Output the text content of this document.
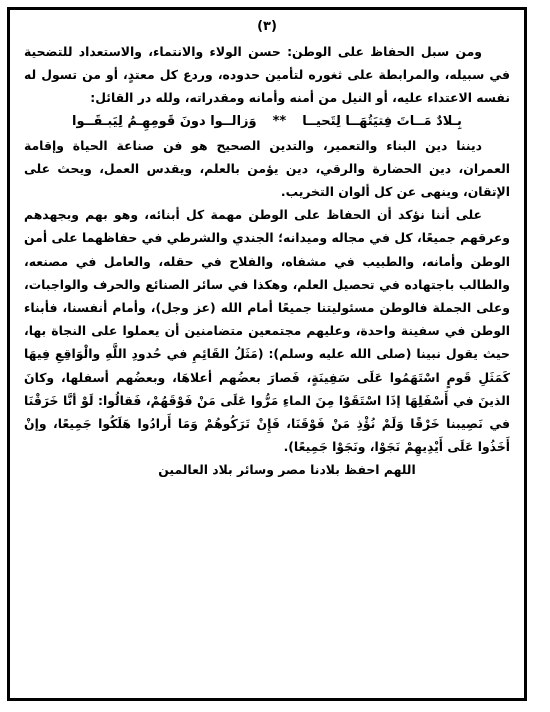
(٣)

ومن سبل الحفاظ على الوطن: حسن الولاء والانتماء، والاستعداد للتضحية في سبيله، والمرابطة على ثغوره لتأمين حدوده، وردع كل معتدٍ، أو من تسول له نفسه الاعتداء عليه، أو النيل من أمنه وأمانه ومقدراته، ولله در القائل:

بِـلادٌ مَــاتَ فِتيَتُهَــا لِتَحيــا
**
وَزالــوا دونَ قَومِهِـمُ لِيَبـقَــوا

ديننا دين البناء والتعمير، والتدين الصحيح هو فن صناعة الحياة وإقامة العمران، دين الحضارة والرقي، دين يؤمن بالعلم، ويقدس العمل، ويحث على الإتقان، وينهى عن كل ألوان التخريب.

على أننا نؤكد أن الحفاظ على الوطن مهمة كل أبنائه، وهو بهم وبجهدهم وعرقهم جميعًا، كل في مجاله وميدانه؛ الجندي والشرطي في حفاظهما على أمن الوطن وأمانه، والطبيب في مشفاه، والفلاح في حقله، والعامل في مصنعه، والطالب باجتهاده في تحصيل العلم، وهكذا في سائر الصنائع والحرف والواجبات، وعلى الجملة فالوطن مسئوليتنا جميعًا أمام الله (عز وجل)، وأمام أنفسنا، فأبناء الوطن في سفينة واحدة، وعليهم مجتمعين متضامنين أن يعملوا على النجاة بها، حيث يقول نبينا (صلى الله عليه وسلم): (مَثَلُ القَائِمِ في حُدودِ اللَّهِ والْوَاقِعِ فِيهَا كَمَثَلِ قَومٍ اسْتَهَمُوا عَلَى سَفِينَةٍ، فَصارَ بعضُهم أعلاهَا، وبعضُهم أسفلها، وكانَ الذينَ في أَسْفَلِهَا إذَا اسْتَقَوْا مِنَ الماءِ مَرُّوا عَلَى مَنْ فَوْقَهُمْ، فَقالُوا: لَوْ أنَّا خَرَقْنَا في نَصِيبنا خَرْقًا وَلَمْ نُؤْذِ مَنْ فَوْقَنَا، فَإِنْ تَرَكُوهُمْ وَمَا أَرادُوا هَلَكُوا جَمِيعًا، وإنْ أَخَذُوا عَلَى أَيْدِيهِمْ نَجَوْا، ونَجَوْا جَمِيعًا).

اللهم احفظ بلادنا مصر وسائر بلاد العالمين
